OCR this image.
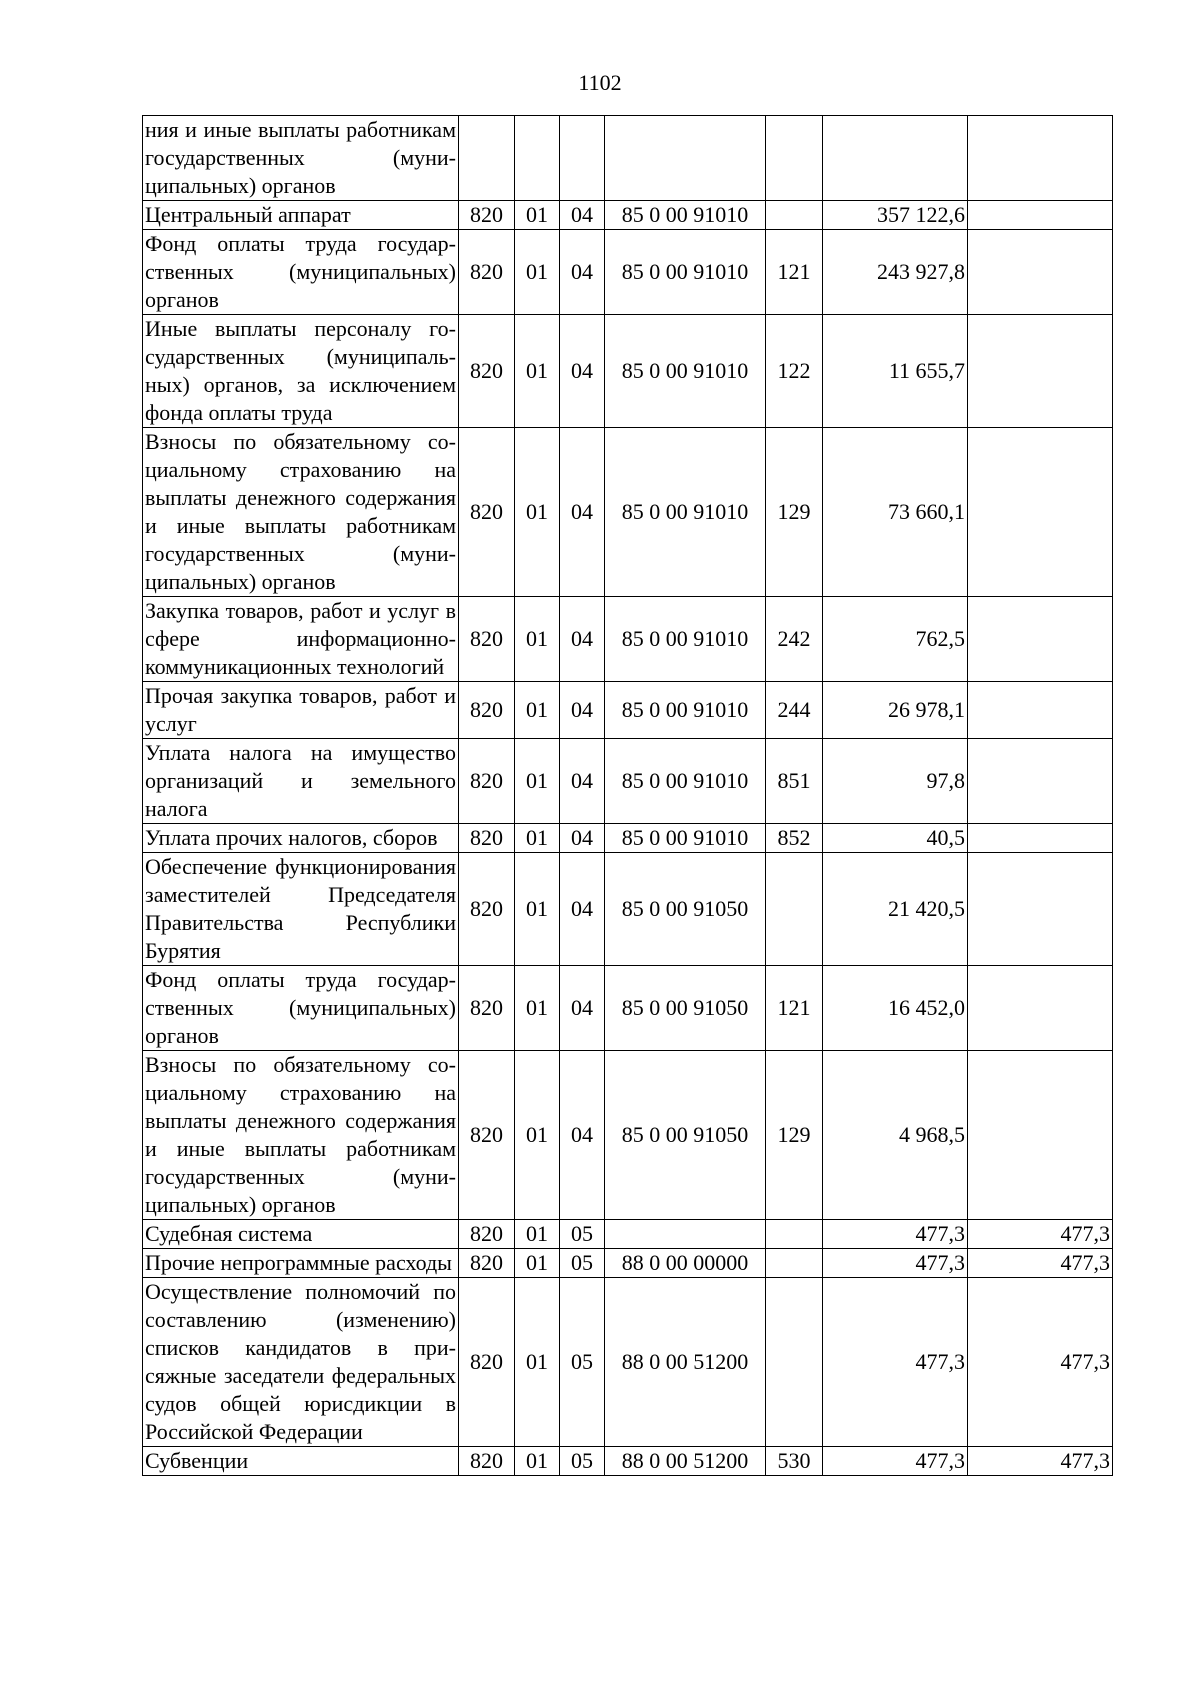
1102
ния и иные выплаты работникам государственных (муниципальных) органов							
Центральный аппарат	820	01	04	85 0 00 91010		357 122,6	
Фонд оплаты труда государственных (муниципальных) органов	820	01	04	85 0 00 91010	121	243 927,8	
Иные выплаты персоналу государственных (муниципальных) органов, за исключением фонда оплаты труда	820	01	04	85 0 00 91010	122	11 655,7	
Взносы по обязательному социальному страхованию на выплаты денежного содержания и иные выплаты работникам государственных (муниципальных) органов	820	01	04	85 0 00 91010	129	73 660,1	
Закупка товаров, работ и услуг в сфере информационно-коммуникационных технологий	820	01	04	85 0 00 91010	242	762,5	
Прочая закупка товаров, работ и услуг	820	01	04	85 0 00 91010	244	26 978,1	
Уплата налога на имущество организаций и земельного налога	820	01	04	85 0 00 91010	851	97,8	
Уплата прочих налогов, сборов	820	01	04	85 0 00 91010	852	40,5	
Обеспечение функционирования заместителей Председателя Правительства Республики Бурятия	820	01	04	85 0 00 91050		21 420,5	
Фонд оплаты труда государственных (муниципальных) органов	820	01	04	85 0 00 91050	121	16 452,0	
Взносы по обязательному социальному страхованию на выплаты денежного содержания и иные выплаты работникам государственных (муниципальных) органов	820	01	04	85 0 00 91050	129	4 968,5	
Судебная система	820	01	05			477,3	477,3
Прочие непрограммные расходы	820	01	05	88 0 00 00000		477,3	477,3
Осуществление полномочий по составлению (изменению) списков кандидатов в присяжные заседатели федеральных судов общей юрисдикции в Российской Федерации	820	01	05	88 0 00 51200		477,3	477,3
Субвенции	820	01	05	88 0 00 51200	530	477,3	477,3
